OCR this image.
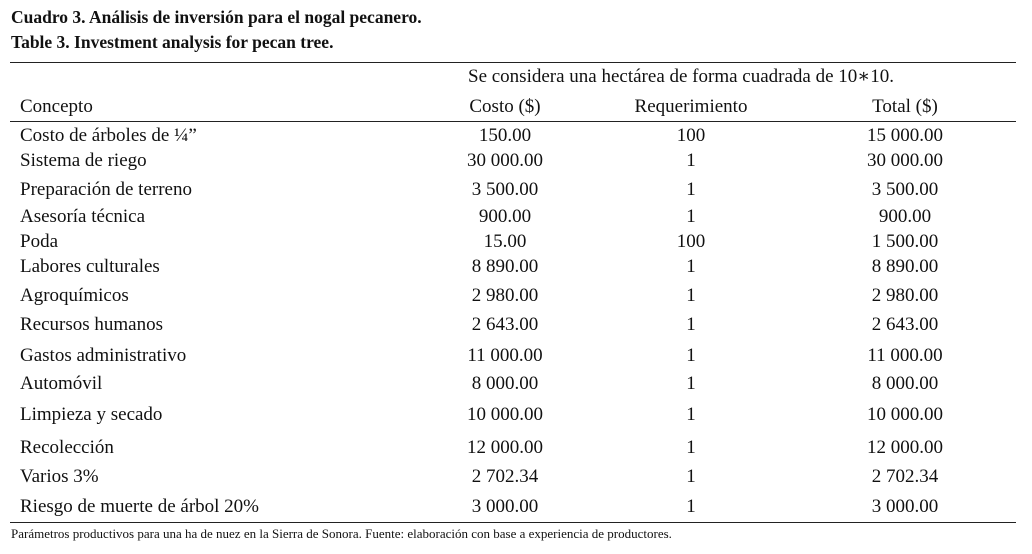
Cuadro 3. Análisis de inversión para el nogal pecanero.
Table 3. Investment analysis for pecan tree.
Se considera una hectárea de forma cuadrada de 10∗10.
Concepto	Costo ($)	Requerimiento	Total ($)
Costo de árboles de ¼”	150.00	100	15 000.00
Sistema de riego	30 000.00	1	30 000.00
Preparación de terreno	3 500.00	1	3 500.00
Asesoría técnica	900.00	1	900.00
Poda	15.00	100	1 500.00
Labores culturales	8 890.00	1	8 890.00
Agroquímicos	2 980.00	1	2 980.00
Recursos humanos	2 643.00	1	2 643.00
Gastos administrativo	11 000.00	1	11 000.00
Automóvil	8 000.00	1	8 000.00
Limpieza y secado	10 000.00	1	10 000.00
Recolección	12 000.00	1	12 000.00
Varios 3%	2 702.34	1	2 702.34
Riesgo de muerte de árbol 20%	3 000.00	1	3 000.00
Parámetros productivos para una ha de nuez en la Sierra de Sonora. Fuente: elaboración con base a experiencia de productores.
